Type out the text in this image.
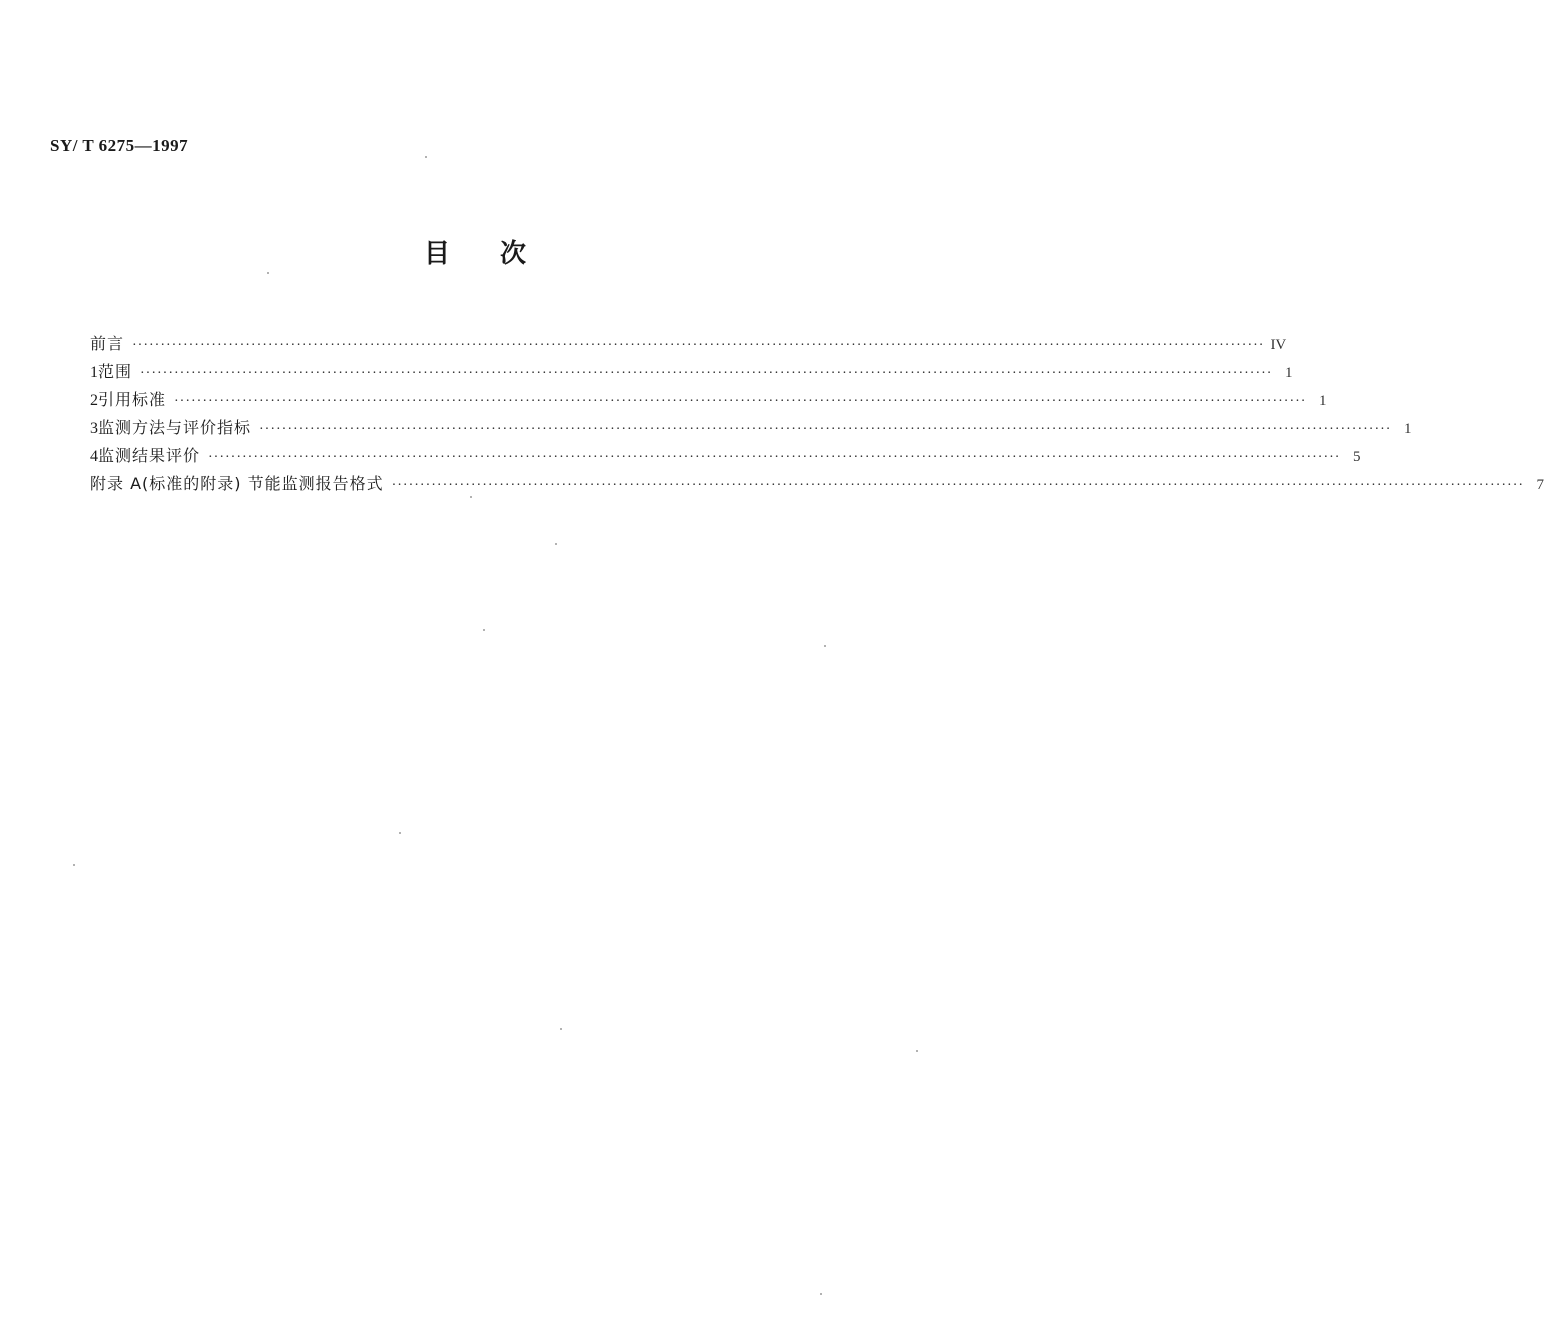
SY/ T 6275—1997
目 次
前言 ········································································································································································································ IV
1 范围 ········································································································································································································ 1
2 引用标准 ········································································································································································································ 1
3 监测方法与评价指标 ········································································································································································································ 1
4 监测结果评价 ········································································································································································································ 5
附录 A(标准的附录) 节能监测报告格式 ········································································································································································································ 7
